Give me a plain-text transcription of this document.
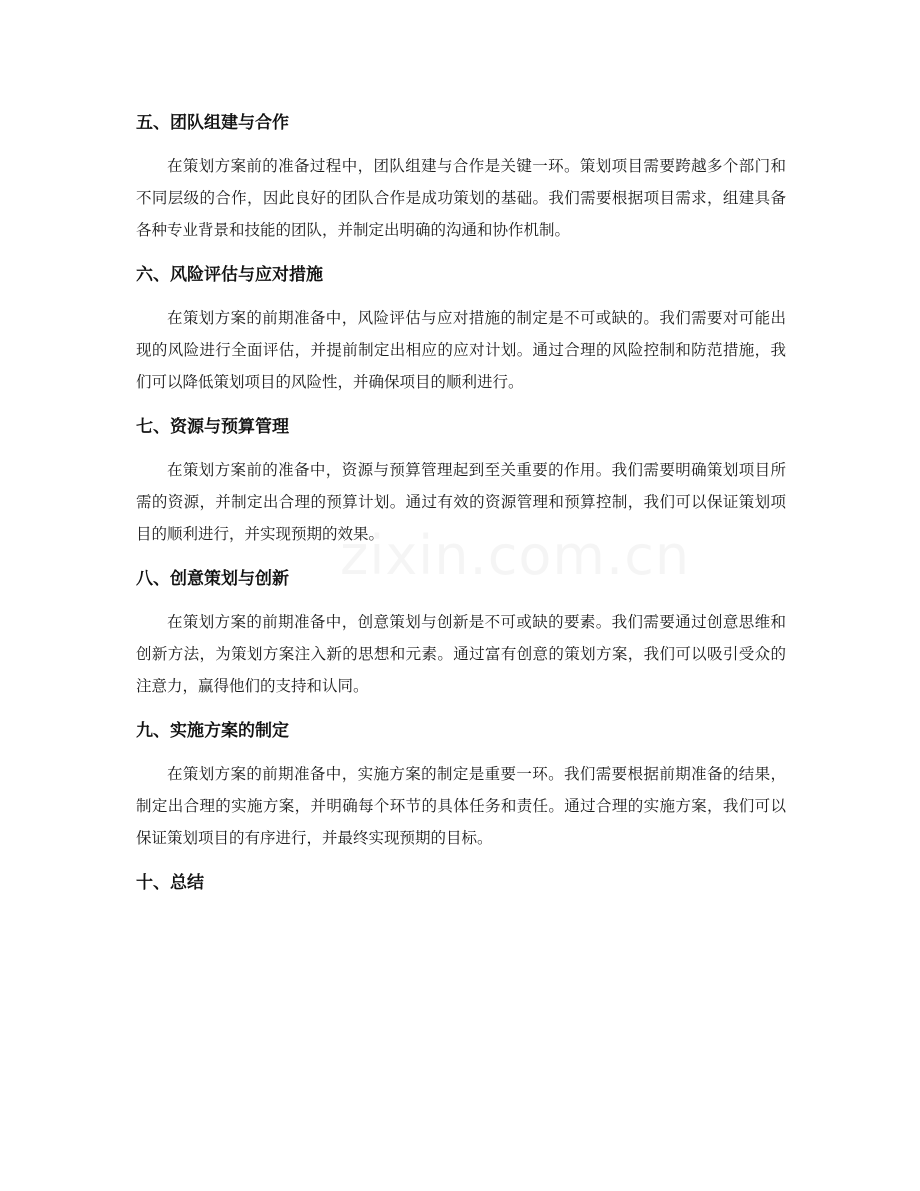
五、团队组建与合作

在策划方案前的准备过程中，团队组建与合作是关键一环。策划项目需要跨越多个部门和不同层级的合作，因此良好的团队合作是成功策划的基础。我们需要根据项目需求，组建具备各种专业背景和技能的团队，并制定出明确的沟通和协作机制。

六、风险评估与应对措施

在策划方案的前期准备中，风险评估与应对措施的制定是不可或缺的。我们需要对可能出现的风险进行全面评估，并提前制定出相应的应对计划。通过合理的风险控制和防范措施，我们可以降低策划项目的风险性，并确保项目的顺利进行。

七、资源与预算管理

在策划方案前的准备中，资源与预算管理起到至关重要的作用。我们需要明确策划项目所需的资源，并制定出合理的预算计划。通过有效的资源管理和预算控制，我们可以保证策划项目的顺利进行，并实现预期的效果。

八、创意策划与创新

在策划方案的前期准备中，创意策划与创新是不可或缺的要素。我们需要通过创意思维和创新方法，为策划方案注入新的思想和元素。通过富有创意的策划方案，我们可以吸引受众的注意力，赢得他们的支持和认同。

九、实施方案的制定

在策划方案的前期准备中，实施方案的制定是重要一环。我们需要根据前期准备的结果，制定出合理的实施方案，并明确每个环节的具体任务和责任。通过合理的实施方案，我们可以保证策划项目的有序进行，并最终实现预期的目标。

十、总结
